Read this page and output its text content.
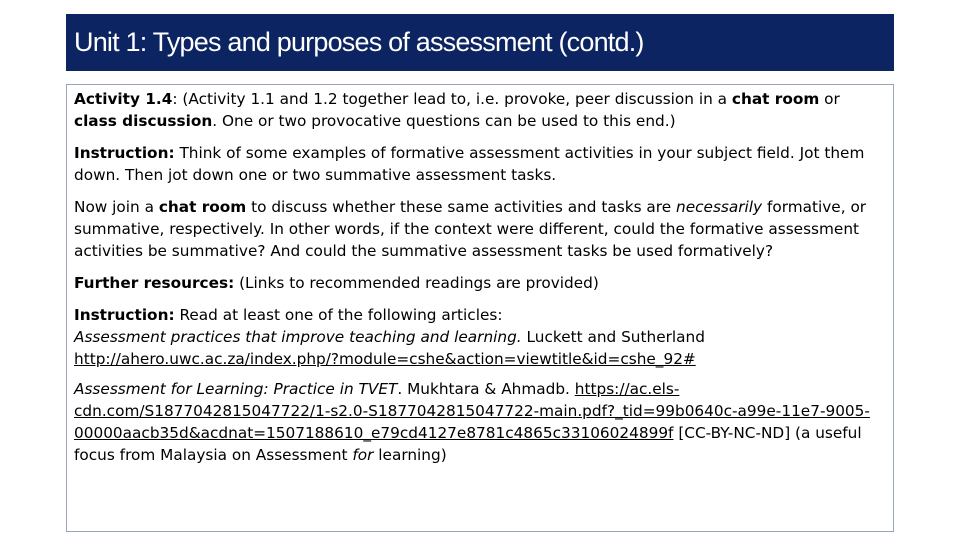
Unit 1: Types and purposes of assessment (contd.)

Activity 1.4: (Activity 1.1 and 1.2 together lead to, i.e. provoke, peer discussion in a chat room or class discussion. One or two provocative questions can be used to this end.)

Instruction: Think of some examples of formative assessment activities in your subject field. Jot them down. Then jot down one or two summative assessment tasks.

Now join a chat room to discuss whether these same activities and tasks are necessarily formative, or summative, respectively. In other words, if the context were different, could the formative assessment activities be summative? And could the summative assessment tasks be used formatively?

Further resources: (Links to recommended readings are provided)

Instruction: Read at least one of the following articles:

Assessment practices that improve teaching and learning. Luckett and Sutherland
http://ahero.uwc.ac.za/index.php/?module=cshe&action=viewtitle&id=cshe_92#

Assessment for Learning: Practice in TVET. Mukhtara & Ahmadb. https://ac.els-cdn.com/S1877042815047722/1-s2.0-S1877042815047722-main.pdf?_tid=99b0640c-a99e-11e7-9005-00000aacb35d&acdnat=1507188610_e79cd4127e8781c4865c33106024899f [CC-BY-NC-ND] (a useful focus from Malaysia on Assessment for learning)
